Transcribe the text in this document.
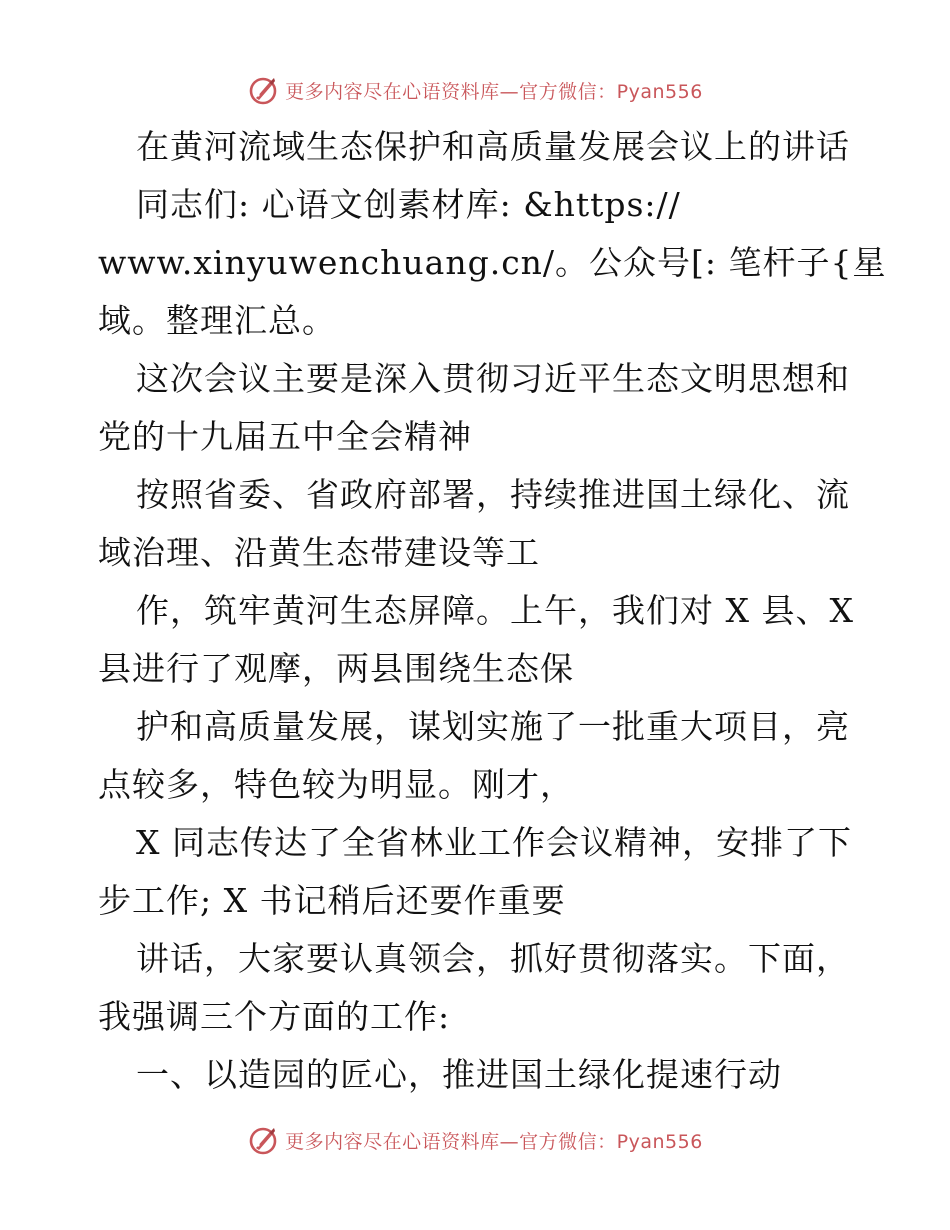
更多内容尽在心语资料库—官方微信：Pyan556
在黄河流域生态保护和高质量发展会议上的讲话
同志们: 心语文创素材库: &https://
www.xinyuwenchuang.cn/。公众号[: 笔杆子{星
域。整理汇总。
这次会议主要是深入贯彻习近平生态文明思想和
党的十九届五中全会精神
按照省委、省政府部署，持续推进国土绿化、流
域治理、沿黄生态带建设等工
作，筑牢黄河生态屏障。上午，我们对 X 县、X
县进行了观摩，两县围绕生态保
护和高质量发展，谋划实施了一批重大项目，亮
点较多，特色较为明显。刚才，
X 同志传达了全省林业工作会议精神，安排了下
步工作; X 书记稍后还要作重要
讲话，大家要认真领会，抓好贯彻落实。下面，
我强调三个方面的工作:
一、以造园的匠心，推进国土绿化提速行动
更多内容尽在心语资料库—官方微信：Pyan556
